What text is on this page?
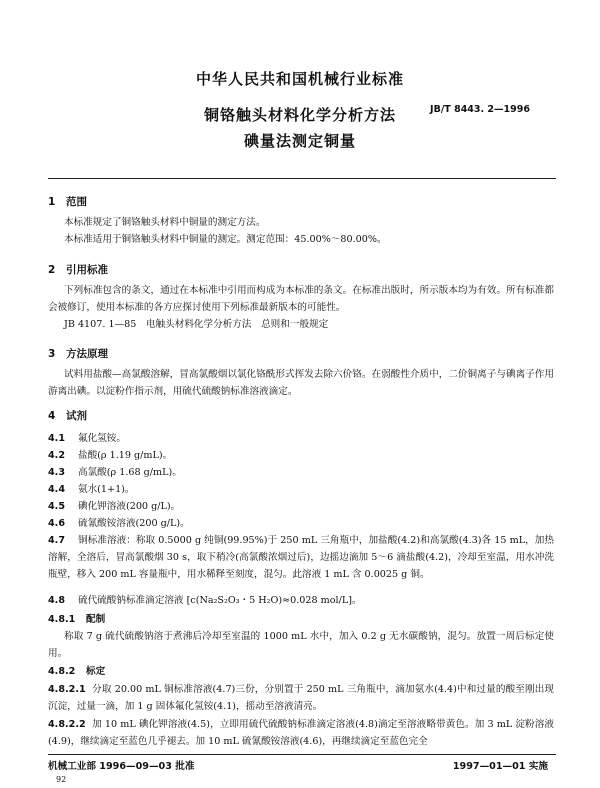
中华人民共和国机械行业标准
JB/T 8443. 2—1996
铜铬触头材料化学分析方法
碘量法测定铜量
1 范围
本标准规定了铜铬触头材料中铜量的测定方法。
本标准适用于铜铬触头材料中铜量的测定。测定范围：45.00%～80.00%。
2 引用标准
下列标准包含的条文，通过在本标准中引用而构成为本标准的条文。在标准出版时，所示版本均为有效。所有标准都会被修订，使用本标准的各方应探讨使用下列标准最新版本的可能性。
JB 4107. 1—85　电触头材料化学分析方法　总则和一般规定
3 方法原理
试料用盐酸—高氯酸溶解，冒高氯酸烟以氯化铬酰形式挥发去除六价铬。在弱酸性介质中，二价铜离子与碘离子作用游离出碘。以淀粉作指示剂，用硫代硫酸钠标准溶液滴定。
4 试剂
4.1 氟化氢铵。
4.2 盐酸(ρ 1.19 g/mL)。
4.3 高氯酸(ρ 1.68 g/mL)。
4.4 氨水(1+1)。
4.5 碘化钾溶液(200 g/L)。
4.6 硫氰酸铵溶液(200 g/L)。
4.7 铜标准溶液：称取 0.5000 g 纯铜(99.95%)于 250 mL 三角瓶中，加盐酸(4.2)和高氯酸(4.3)各 15 mL，加热溶解，全溶后，冒高氯酸烟 30 s，取下稍冷(高氯酸浓烟过后)，边摇边滴加 5～6 滴盐酸(4.2)，冷却至室温，用水冲洗瓶壁，移入 200 mL 容量瓶中，用水稀释至刻度，混匀。此溶液 1 mL 含 0.0025 g 铜。
4.8 硫代硫酸钠标准滴定溶液 [c(Na₂S₂O₃・5 H₂O)≈0.028 mol/L]。
4.8.1 配制
称取 7 g 硫代硫酸钠溶于煮沸后冷却至室温的 1000 mL 水中，加入 0.2 g 无水碳酸钠，混匀。放置一周后标定使用。
4.8.2 标定
4.8.2.1 分取 20.00 mL 铜标准溶液(4.7)三份，分别置于 250 mL 三角瓶中，滴加氨水(4.4)中和过量的酸至刚出现沉淀，过量一滴，加 1 g 固体氟化氢铵(4.1)，摇动至溶液清亮。
4.8.2.2 加 10 mL 碘化钾溶液(4.5)，立即用硫代硫酸钠标准滴定溶液(4.8)滴定至溶液略带黄色。加 3 mL 淀粉溶液(4.9)，继续滴定至蓝色几乎褪去。加 10 mL 硫氰酸铵溶液(4.6)，再继续滴定至蓝色完全
机械工业部 1996—09—03 批准	1997—01—01 实施
92
